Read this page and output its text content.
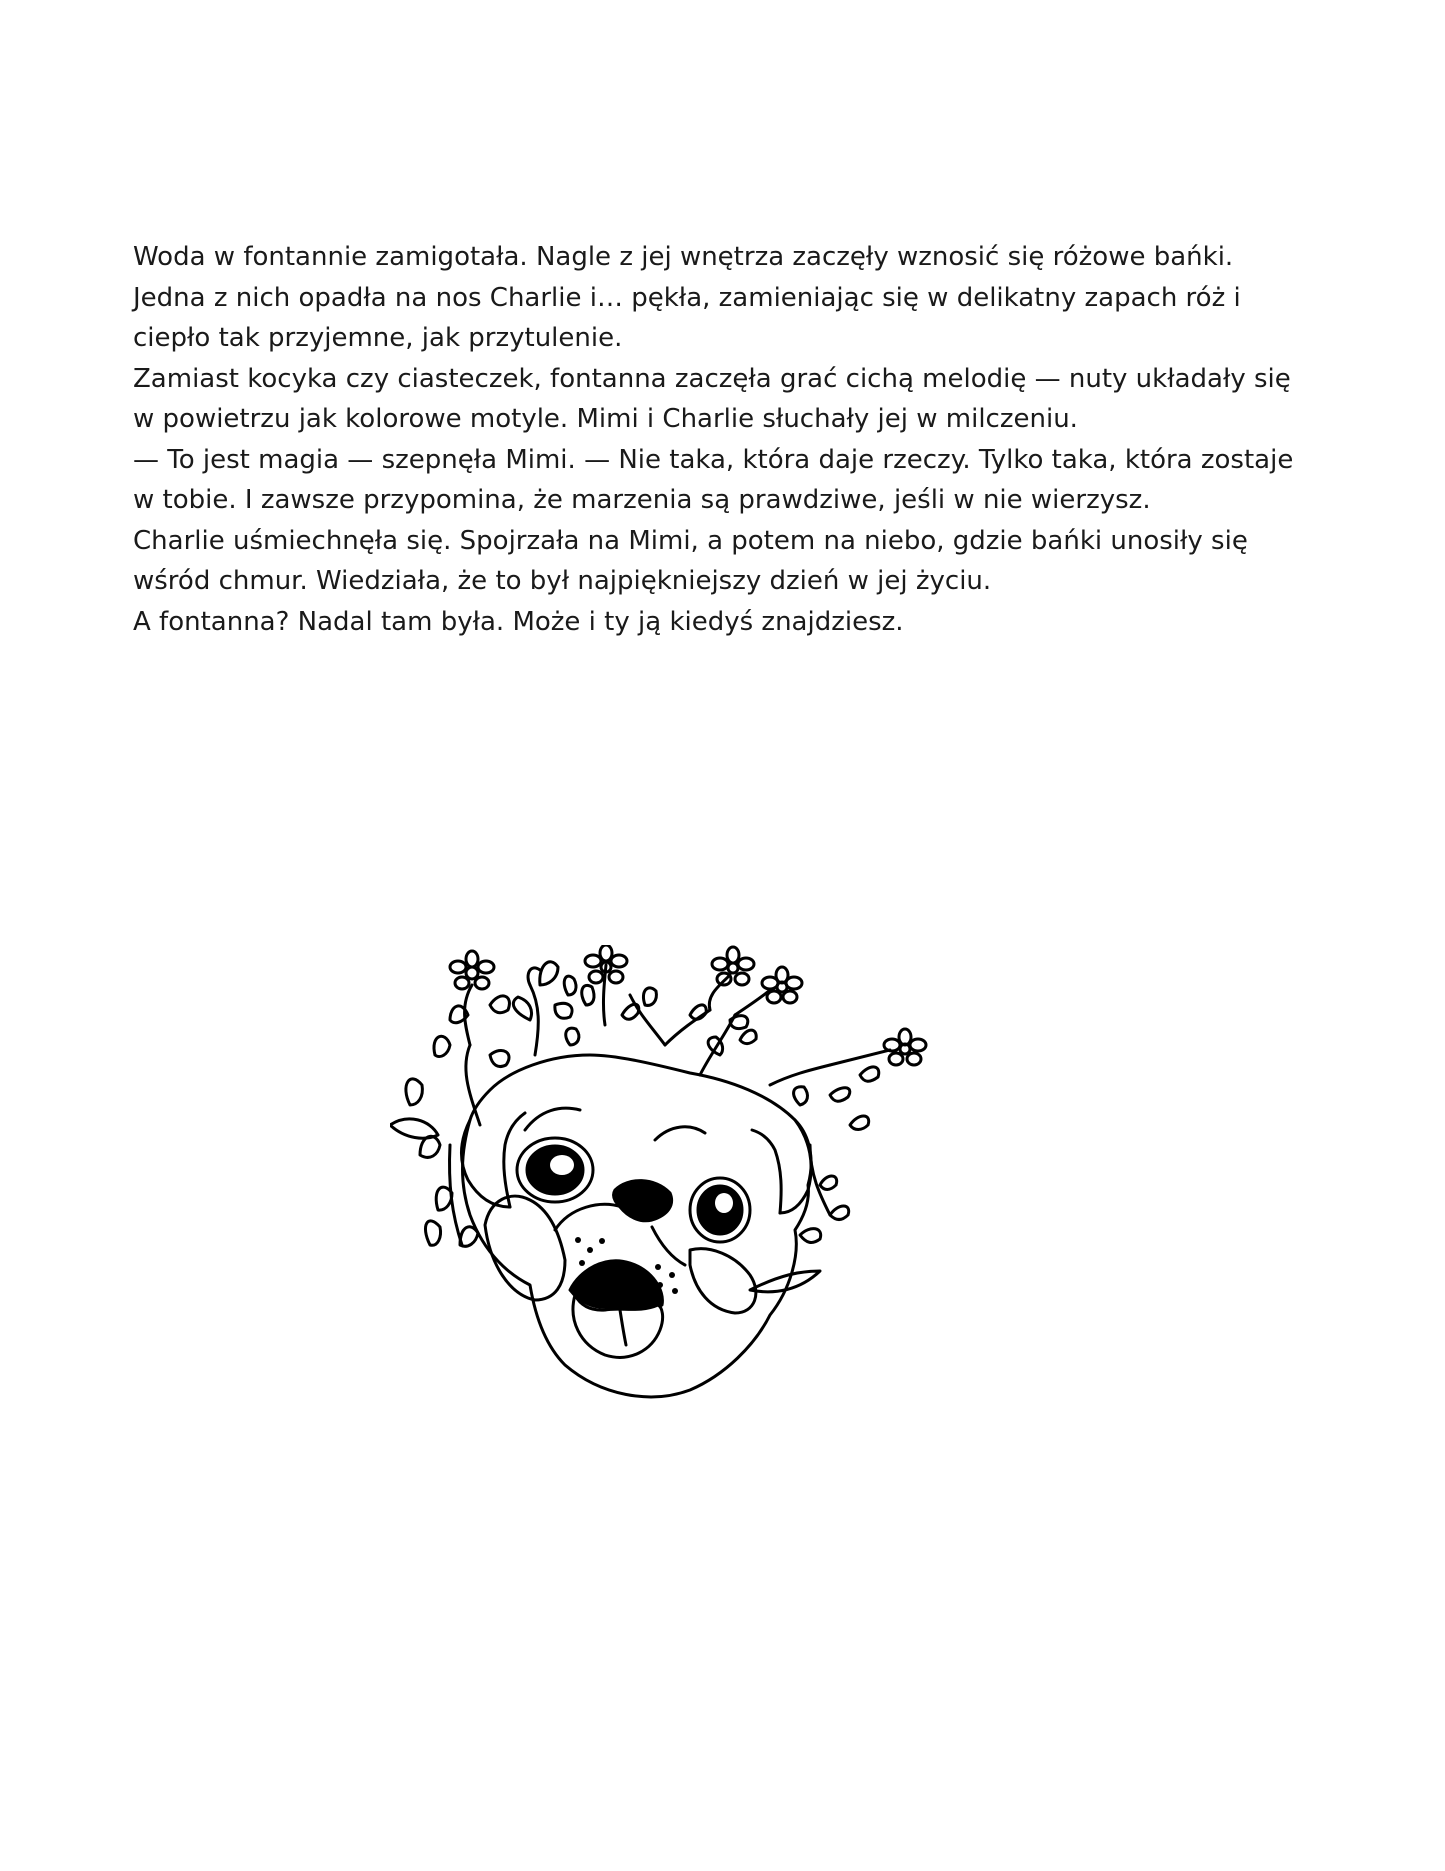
Woda w fontannie zamigotała. Nagle z jej wnętrza zaczęły wznosić się różowe bańki. Jedna z nich opadła na nos Charlie i… pękła, zamieniając się w delikatny zapach róż i ciepło tak przyjemne, jak przytulenie.

Zamiast kocyka czy ciasteczek, fontanna zaczęła grać cichą melodię — nuty układały się w powietrzu jak kolorowe motyle. Mimi i Charlie słuchały jej w milczeniu.

— To jest magia — szepnęła Mimi. — Nie taka, która daje rzeczy. Tylko taka, która zostaje w tobie. I zawsze przypomina, że marzenia są prawdziwe, jeśli w nie wierzysz.

Charlie uśmiechnęła się. Spojrzała na Mimi, a potem na niebo, gdzie bańki unosiły się wśród chmur. Wiedziała, że to był najpiękniejszy dzień w jej życiu.

A fontanna? Nadal tam była. Może i ty ją kiedyś znajdziesz.
